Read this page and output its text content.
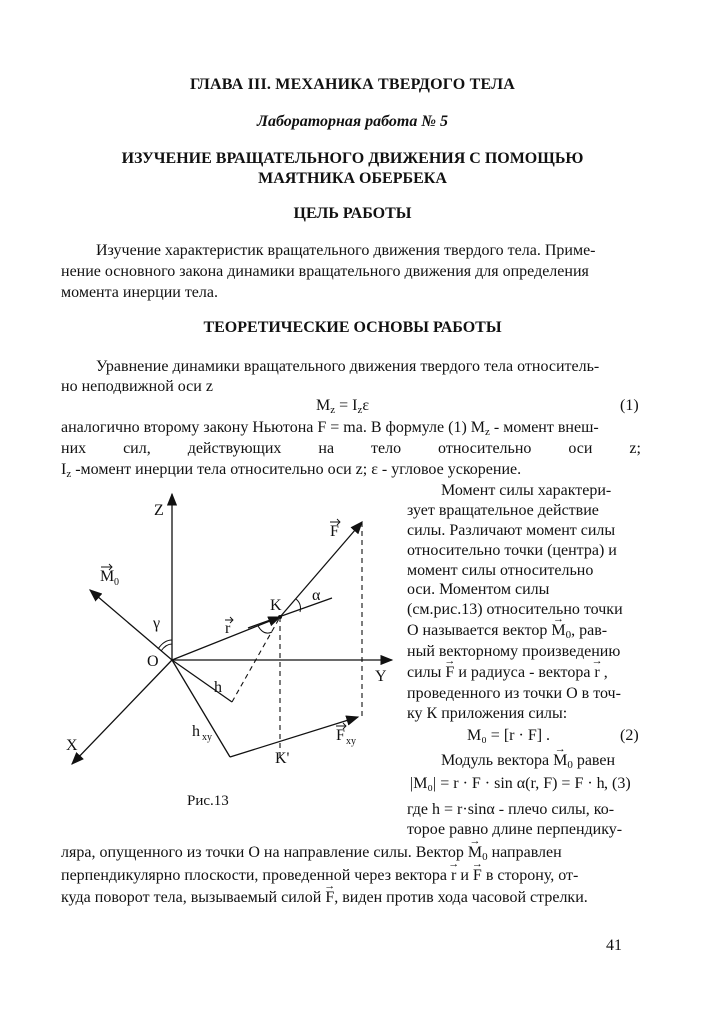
ГЛАВА III. МЕХАНИКА ТВЕРДОГО ТЕЛА
Лабораторная работа № 5
ИЗУЧЕНИЕ ВРАЩАТЕЛЬНОГО ДВИЖЕНИЯ С ПОМОЩЬЮ
МАЯТНИКА ОБЕРБЕКА
ЦЕЛЬ РАБОТЫ
Изучение характеристик вращательного движения твердого тела. Приме-
нение основного закона динамики вращательного движения для определения
момента инерции тела.
ТЕОРЕТИЧЕСКИЕ ОСНОВЫ РАБОТЫ
Уравнение динамики вращательного движения твердого тела относитель-
но неподвижной оси z
$M_z = I_z\varepsilon$	(1)
аналогично второму закону Ньютона F = ma. В формуле (1) $M_z$ - момент внеш-
них сил, действующих на тело относительно оси z;
$I_z$ -момент инерции тела относительно оси z; ε - угловое ускорение.
Момент силы характери-
зует вращательное действие
силы. Различают момент силы
относительно точки (центра) и
момент силы относительно
оси. Моментом силы
(см.рис.13) относительно точки
О называется вектор → $M_0$, рав-
ный векторному произведению
силы → F и радиуса - вектора → r ,
проведенного из точки О в точ-
ку К приложения силы:
M₀ = [r · F] .	(2)
Модуль вектора → $M_0$ равен
|M₀| = r · F · sin α(r, F) = F · h , (3)
где h = r·sinα - плечо силы, ко-
торое равно длине перпендику-
ляра, опущенного из точки О на направление силы. Вектор → $M_0$ направлен
перпендикулярно плоскости, проведенной через вектора → r и → F в сторону, от-
куда поворот тела, вызываемый силой → F, виден против хода часовой стрелки.
Z
Y
X
O
K
K'
M 0
γ	r
F
α
h
h xy	F xy
Рис.13
41
